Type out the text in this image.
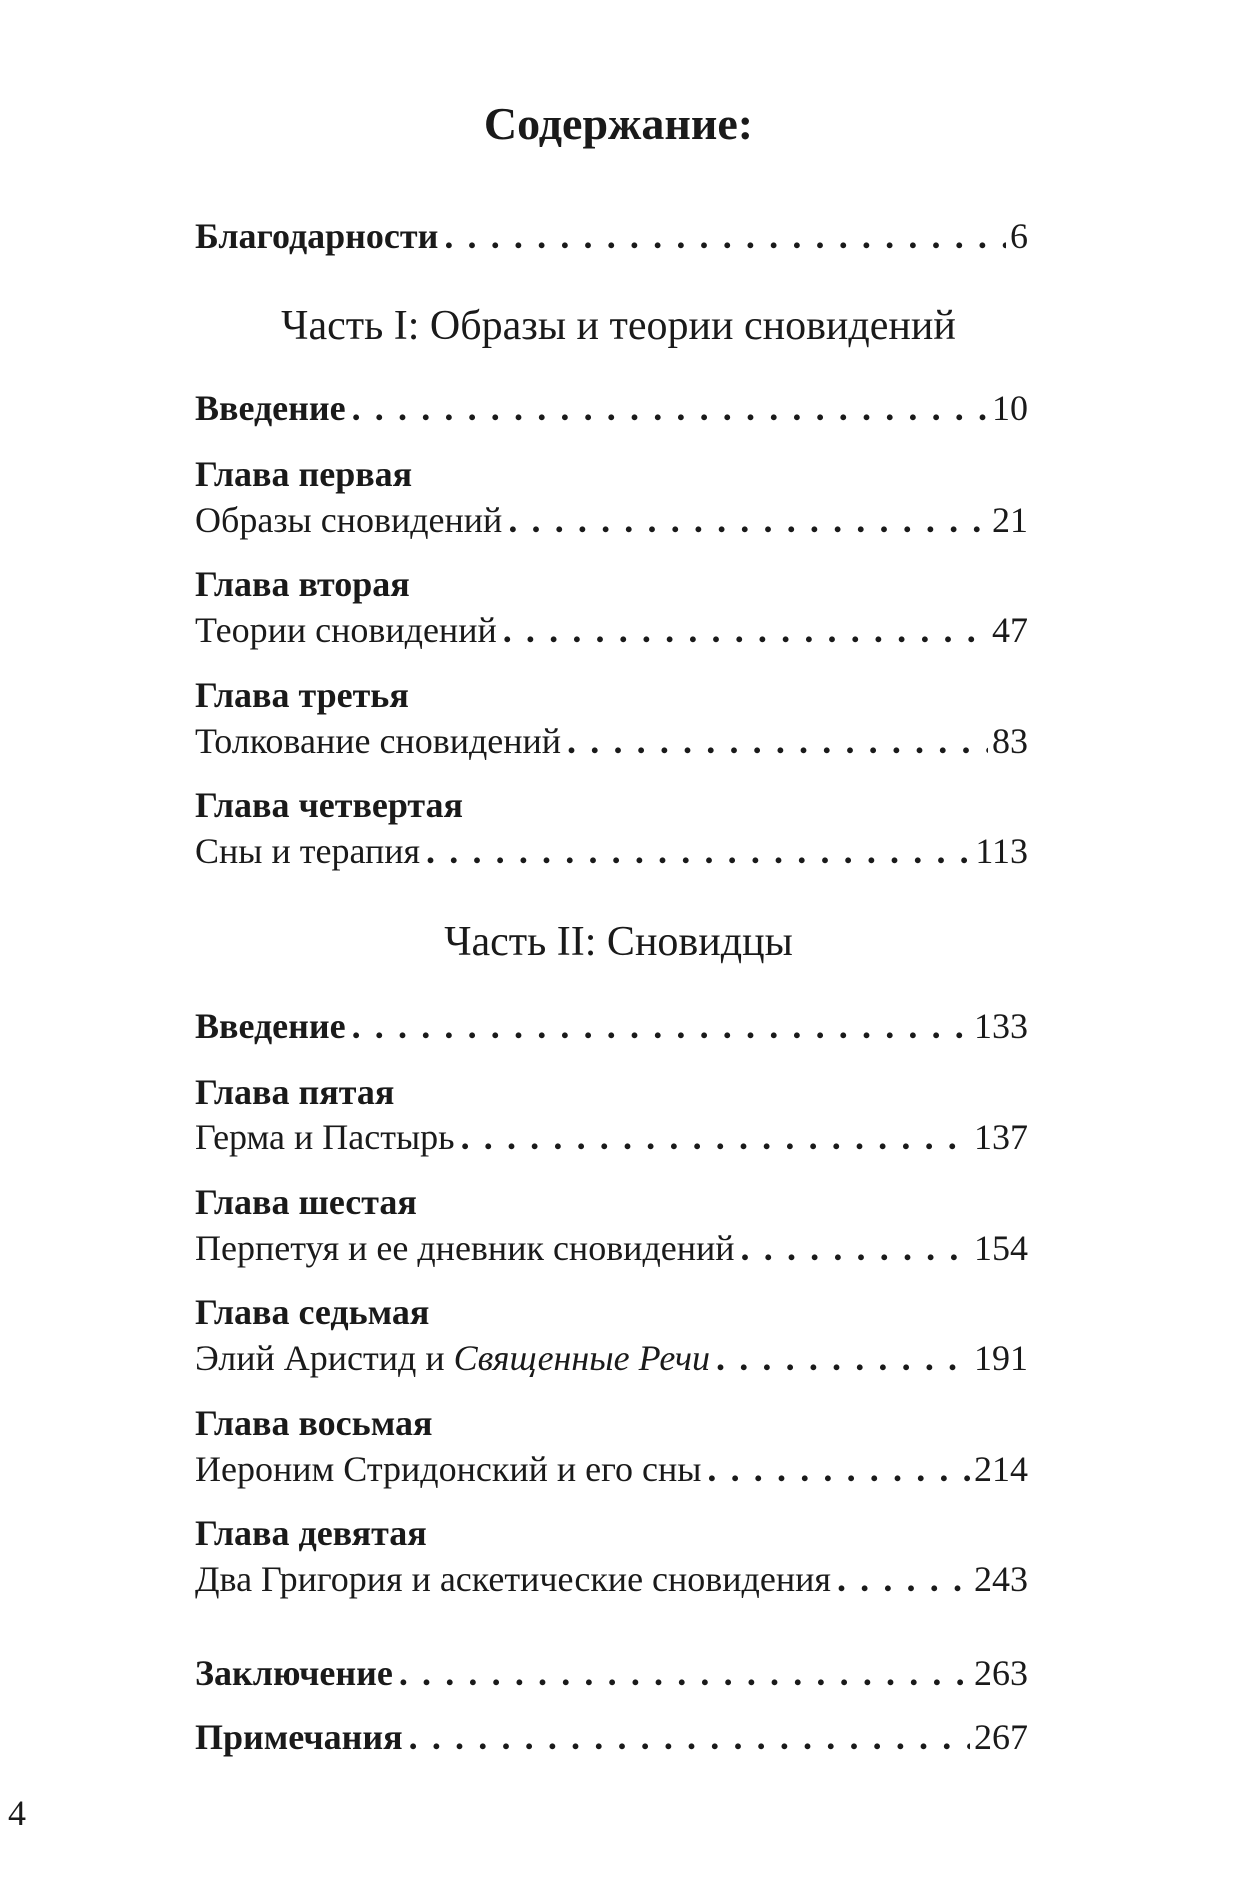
Содержание:
Благодарности .....	6
Часть I: Образы и теории сновидений
Введение .....	10
Глава первая
Образы сновидений .....	21
Глава вторая
Теории сновидений .....	47
Глава третья
Толкование сновидений .....	83
Глава четвертая
Сны и терапия .....	113
Часть II: Сновидцы
Введение .....	133
Глава пятая
Герма и Пастырь .....	137
Глава шестая
Перпетуя и ее дневник сновидений .....	154
Глава седьмая
Элий Аристид и Священные Речи .....	191
Глава восьмая
Иероним Стридонский и его сны .....	214
Глава девятая
Два Григория и аскетические сновидения .....	243
Заключение .....	263
Примечания .....	267
4
